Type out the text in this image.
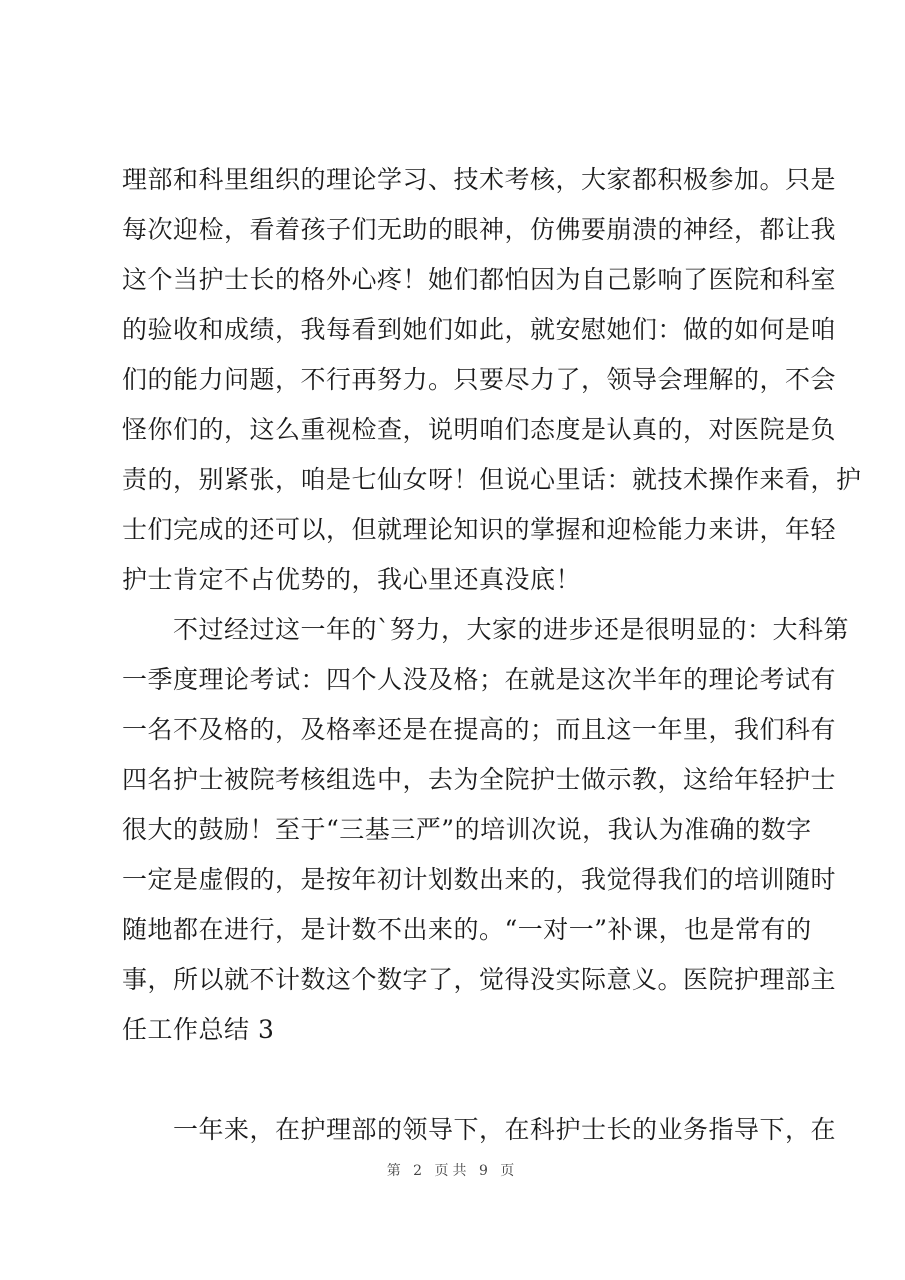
理部和科里组织的理论学习、技术考核，大家都积极参加。只是
每次迎检，看着孩子们无助的眼神，仿佛要崩溃的神经，都让我
这个当护士长的格外心疼！她们都怕因为自己影响了医院和科室
的验收和成绩，我每看到她们如此，就安慰她们：做的如何是咱
们的能力问题，不行再努力。只要尽力了，领导会理解的，不会
怪你们的，这么重视检查，说明咱们态度是认真的，对医院是负
责的，别紧张，咱是七仙女呀！但说心里话：就技术操作来看，护
士们完成的还可以，但就理论知识的掌握和迎检能力来讲，年轻
护士肯定不占优势的，我心里还真没底！
　　不过经过这一年的`努力，大家的进步还是很明显的：大科第
一季度理论考试：四个人没及格；在就是这次半年的理论考试有
一名不及格的，及格率还是在提高的；而且这一年里，我们科有
四名护士被院考核组选中，去为全院护士做示教，这给年轻护士
很大的鼓励！至于“三基三严”的培训次说，我认为准确的数字
一定是虚假的，是按年初计划数出来的，我觉得我们的培训随时
随地都在进行，是计数不出来的。“一对一”补课，也是常有的
事，所以就不计数这个数字了，觉得没实际意义。医院护理部主
任工作总结 3
　　一年来，在护理部的领导下，在科护士长的业务指导下，在
第 2 页共 9 页
